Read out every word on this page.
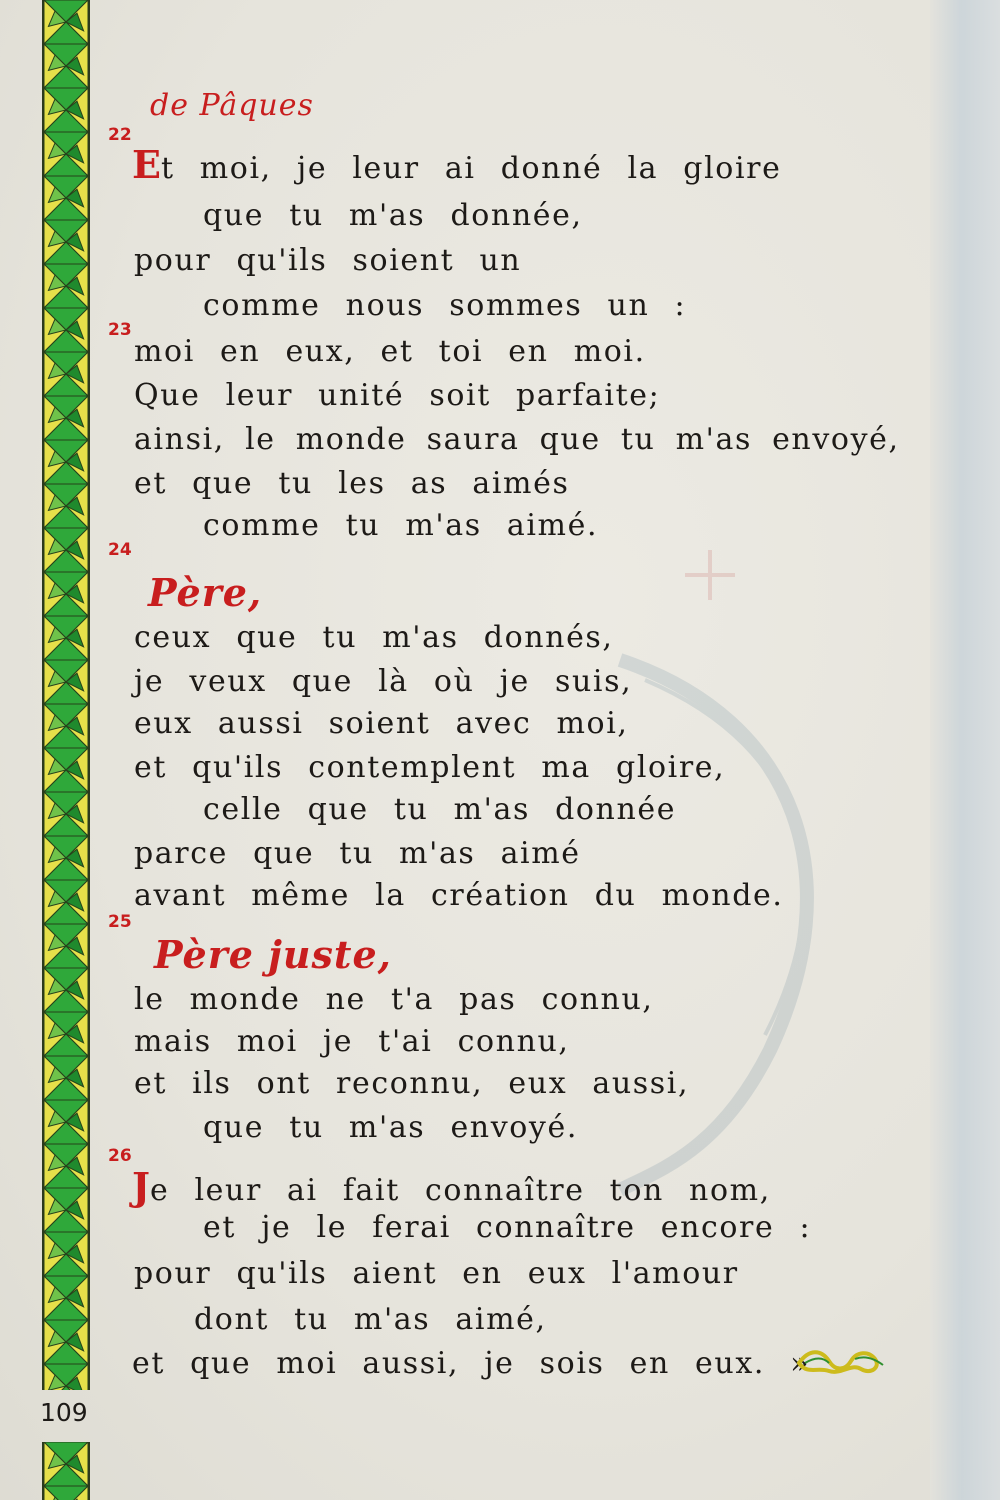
109
de Pâques
22
Et moi, je leur ai donné la gloire
que tu m'as donnée,
pour qu'ils soient un
comme nous sommes un :
23
moi en eux, et toi en moi.
Que leur unité soit parfaite;
ainsi, le monde saura que tu m'as envoyé,
et que tu les as aimés
comme tu m'as aimé.
24
Père,
ceux que tu m'as donnés,
je veux que là où je suis,
eux aussi soient avec moi,
et qu'ils contemplent ma gloire,
celle que tu m'as donnée
parce que tu m'as aimé
avant même la création du monde.
25
Père juste,
le monde ne t'a pas connu,
mais moi je t'ai connu,
et ils ont reconnu, eux aussi,
que tu m'as envoyé.
26
Je leur ai fait connaître ton nom,
et je le ferai connaître encore :
pour qu'ils aient en eux l'amour
dont tu m'as aimé,
et que moi aussi, je sois en eux. »
